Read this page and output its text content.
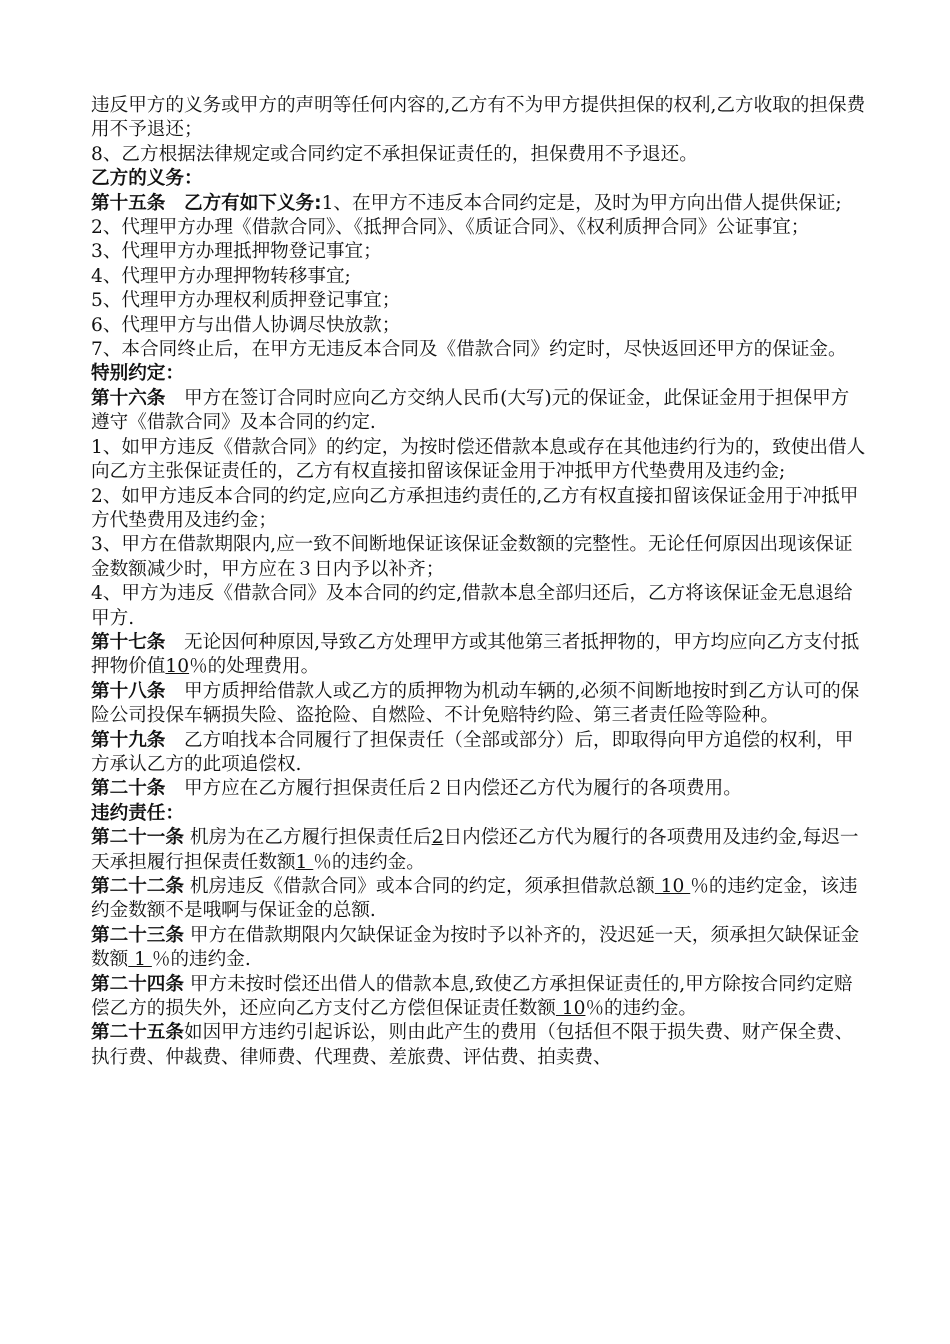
违反甲方的义务或甲方的声明等任何内容的,乙方有不为甲方提供担保的权利,乙方收取的担保费用不予退还；

8、乙方根据法律规定或合同约定不承担保证责任的，担保费用不予退还。

乙方的义务：

第十五条　乙方有如下义务:1、在甲方不违反本合同约定是，及时为甲方向出借人提供保证;

2、代理甲方办理《借款合同》、《抵押合同》、《质证合同》、《权利质押合同》公证事宜；

3、代理甲方办理抵押物登记事宜；

4、代理甲方办理押物转移事宜;

5、代理甲方办理权利质押登记事宜；

6、代理甲方与出借人协调尽快放款；

7、本合同终止后，在甲方无违反本合同及《借款合同》约定时，尽快返回还甲方的保证金。

特别约定：

第十六条　甲方在签订合同时应向乙方交纳人民币(大写)元的保证金，此保证金用于担保甲方遵守《借款合同》及本合同的约定.

1、如甲方违反《借款合同》的约定，为按时偿还借款本息或存在其他违约行为的，致使出借人向乙方主张保证责任的，乙方有权直接扣留该保证金用于冲抵甲方代垫费用及违约金;

2、如甲方违反本合同的约定,应向乙方承担违约责任的,乙方有权直接扣留该保证金用于冲抵甲方代垫费用及违约金；

3、甲方在借款期限内,应一致不间断地保证该保证金数额的完整性。无论任何原因出现该保证金数额减少时，甲方应在３日内予以补齐；

4、甲方为违反《借款合同》及本合同的约定,借款本息全部归还后，乙方将该保证金无息退给甲方.

第十七条　无论因何种原因,导致乙方处理甲方或其他第三者抵押物的，甲方均应向乙方支付抵押物价值10％的处理费用。

第十八条　甲方质押给借款人或乙方的质押物为机动车辆的,必须不间断地按时到乙方认可的保险公司投保车辆损失险、盗抢险、自燃险、不计免赔特约险、第三者责任险等险种。

第十九条　乙方咱找本合同履行了担保责任（全部或部分）后，即取得向甲方追偿的权利，甲方承认乙方的此项追偿权.

第二十条　甲方应在乙方履行担保责任后２日内偿还乙方代为履行的各项费用。

违约责任：

第二十一条 机房为在乙方履行担保责任后2日内偿还乙方代为履行的各项费用及违约金,每迟一天承担履行担保责任数额1 ％的违约金。

第二十二条 机房违反《借款合同》或本合同的约定，须承担借款总额 10 ％的违约定金，该违约金数额不是哦啊与保证金的总额.

第二十三条 甲方在借款期限内欠缺保证金为按时予以补齐的，没迟延一天，须承担欠缺保证金数额 1 ％的违约金.

第二十四条 甲方未按时偿还出借人的借款本息,致使乙方承担保证责任的,甲方除按合同约定赔偿乙方的损失外，还应向乙方支付乙方偿但保证责任数额 10％的违约金。

第二十五条如因甲方违约引起诉讼，则由此产生的费用（包括但不限于损失费、财产保全费、执行费、仲裁费、律师费、代理费、差旅费、评估费、拍卖费、
